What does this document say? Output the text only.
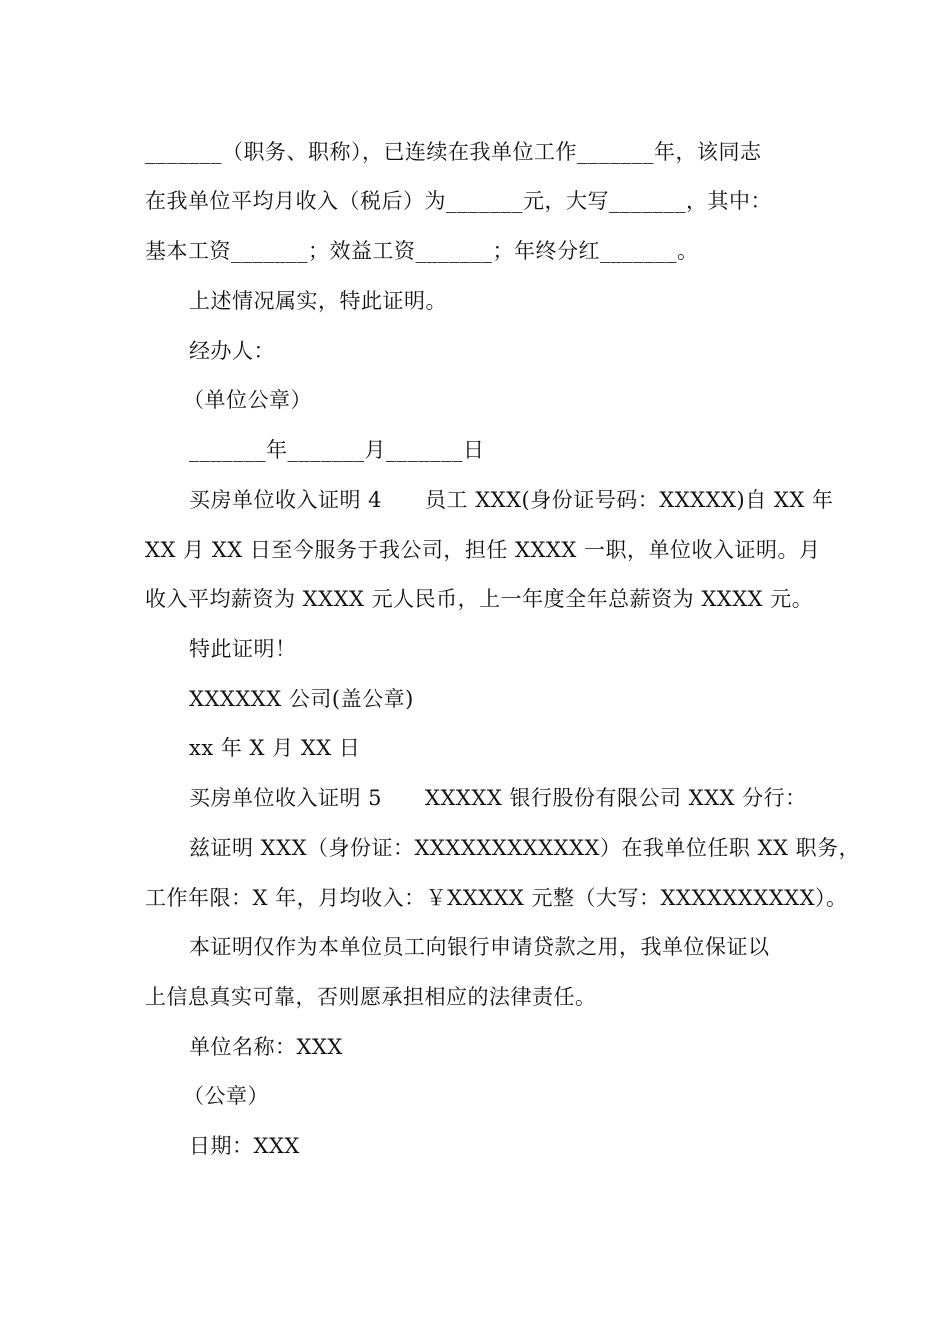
_______（职务、职称），已连续在我单位工作_______年，该同志
在我单位平均月收入（税后）为_______元，大写_______，其中：
基本工资_______；效益工资_______；年终分红_______。
上述情况属实，特此证明。
经办人：
（单位公章）
_______年_______月_______日
买房单位收入证明 4　　员工 XXX(身份证号码：XXXXX)自 XX 年
XX 月 XX 日至今服务于我公司，担任 XXXX 一职，单位收入证明。月
收入平均薪资为 XXXX 元人民币，上一年度全年总薪资为 XXXX 元。
特此证明！
XXXXXX 公司(盖公章)
xx 年 X 月 XX 日
买房单位收入证明 5　　XXXXX 银行股份有限公司 XXX 分行：
兹证明 XXX（身份证：XXXXXXXXXXXX）在我单位任职 XX 职务，
工作年限：X 年，月均收入：￥XXXXX 元整（大写：XXXXXXXXXX）。
本证明仅作为本单位员工向银行申请贷款之用，我单位保证以
上信息真实可靠，否则愿承担相应的法律责任。
单位名称：XXX
（公章）
日期：XXX
